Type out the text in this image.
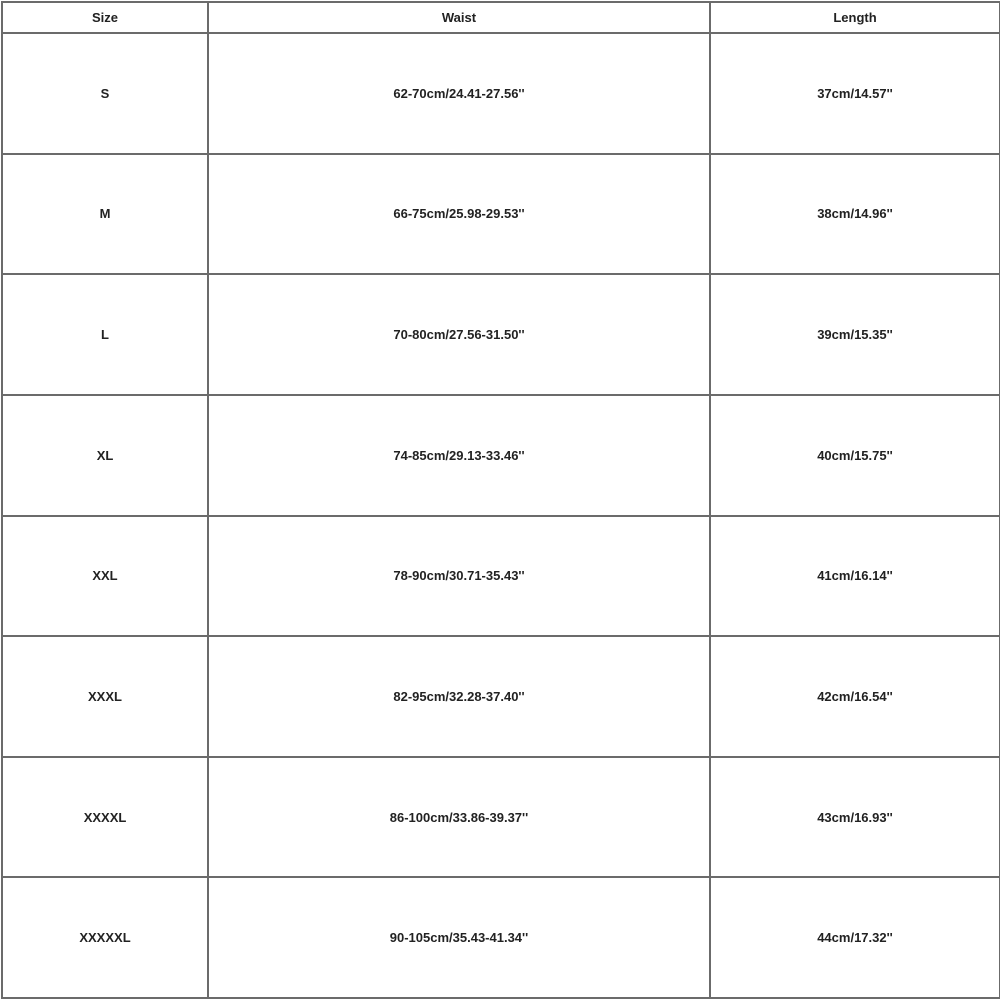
Size	Waist	Length
S	62-70cm/24.41-27.56''	37cm/14.57''
M	66-75cm/25.98-29.53''	38cm/14.96''
L	70-80cm/27.56-31.50''	39cm/15.35''
XL	74-85cm/29.13-33.46''	40cm/15.75''
XXL	78-90cm/30.71-35.43''	41cm/16.14''
XXXL	82-95cm/32.28-37.40''	42cm/16.54''
XXXXL	86-100cm/33.86-39.37''	43cm/16.93''
XXXXXL	90-105cm/35.43-41.34''	44cm/17.32''
